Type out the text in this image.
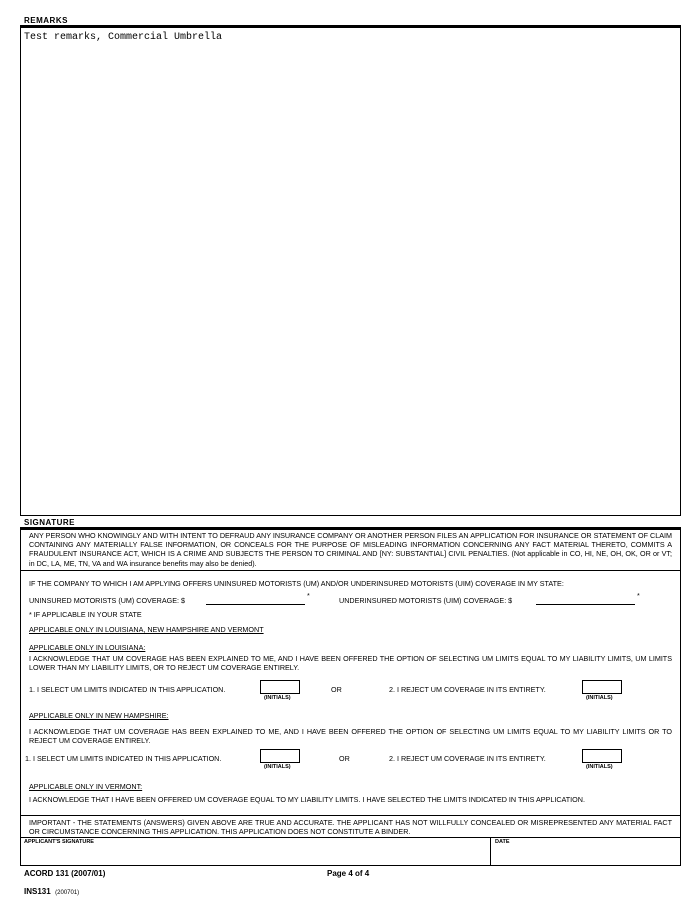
REMARKS
Test remarks, Commercial Umbrella
SIGNATURE
ANY PERSON WHO KNOWINGLY AND WITH INTENT TO DEFRAUD ANY INSURANCE COMPANY OR ANOTHER PERSON FILES AN APPLICATION FOR INSURANCE OR STATEMENT OF CLAIM CONTAINING ANY MATERIALLY FALSE INFORMATION, OR CONCEALS FOR THE PURPOSE OF MISLEADING INFORMATION CONCERNING ANY FACT MATERIAL THERETO, COMMITS A FRAUDULENT INSURANCE ACT, WHICH IS A CRIME AND SUBJECTS THE PERSON TO CRIMINAL AND [NY: SUBSTANTIAL] CIVIL PENALTIES. (Not applicable in CO, HI, NE, OH, OK, OR or VT; in DC, LA, ME, TN, VA and WA insurance benefits may also be denied).
IF THE COMPANY TO WHICH I AM APPLYING OFFERS UNINSURED MOTORISTS (UM) AND/OR UNDERINSURED MOTORISTS (UIM) COVERAGE IN MY STATE:
UNINSURED MOTORISTS (UM) COVERAGE: $
*
UNDERINSURED MOTORISTS (UIM) COVERAGE: $
*
* IF APPLICABLE IN YOUR STATE
APPLICABLE ONLY IN LOUISIANA, NEW HAMPSHIRE AND VERMONT
APPLICABLE ONLY IN LOUISIANA:
I ACKNOWLEDGE THAT UM COVERAGE HAS BEEN EXPLAINED TO ME, AND I HAVE BEEN OFFERED THE OPTION OF SELECTING UM LIMITS EQUAL TO MY LIABILITY LIMITS, UM LIMITS LOWER THAN MY LIABILITY LIMITS, OR TO REJECT UM COVERAGE ENTIRELY.
1. I SELECT UM LIMITS INDICATED IN THIS APPLICATION.
(INITIALS)
OR	2. I REJECT UM COVERAGE IN ITS ENTIRETY.
(INITIALS)
APPLICABLE ONLY IN NEW HAMPSHIRE:
I ACKNOWLEDGE THAT UM COVERAGE HAS BEEN EXPLAINED TO ME, AND I HAVE BEEN OFFERED THE OPTION OF SELECTING UM LIMITS EQUAL TO MY LIABILITY LIMITS OR TO REJECT UM COVERAGE ENTIRELY.
1. I SELECT UM LIMITS INDICATED IN THIS APPLICATION.
(INITIALS)
OR	2. I REJECT UM COVERAGE IN ITS ENTIRETY.
(INITIALS)
APPLICABLE ONLY IN VERMONT:
I ACKNOWLEDGE THAT I HAVE BEEN OFFERED UM COVERAGE EQUAL TO MY LIABILITY LIMITS. I HAVE SELECTED THE LIMITS INDICATED IN THIS APPLICATION.
IMPORTANT - THE STATEMENTS (ANSWERS) GIVEN ABOVE ARE TRUE AND ACCURATE. THE APPLICANT HAS NOT WILLFULLY CONCEALED OR MISREPRESENTED ANY MATERIAL FACT OR CIRCUMSTANCE CONCERNING THIS APPLICATION. THIS APPLICATION DOES NOT CONSTITUTE A BINDER.
APPLICANT'S SIGNATURE	DATE
ACORD 131 (2007/01)	Page 4 of 4
INS131 (200701)
